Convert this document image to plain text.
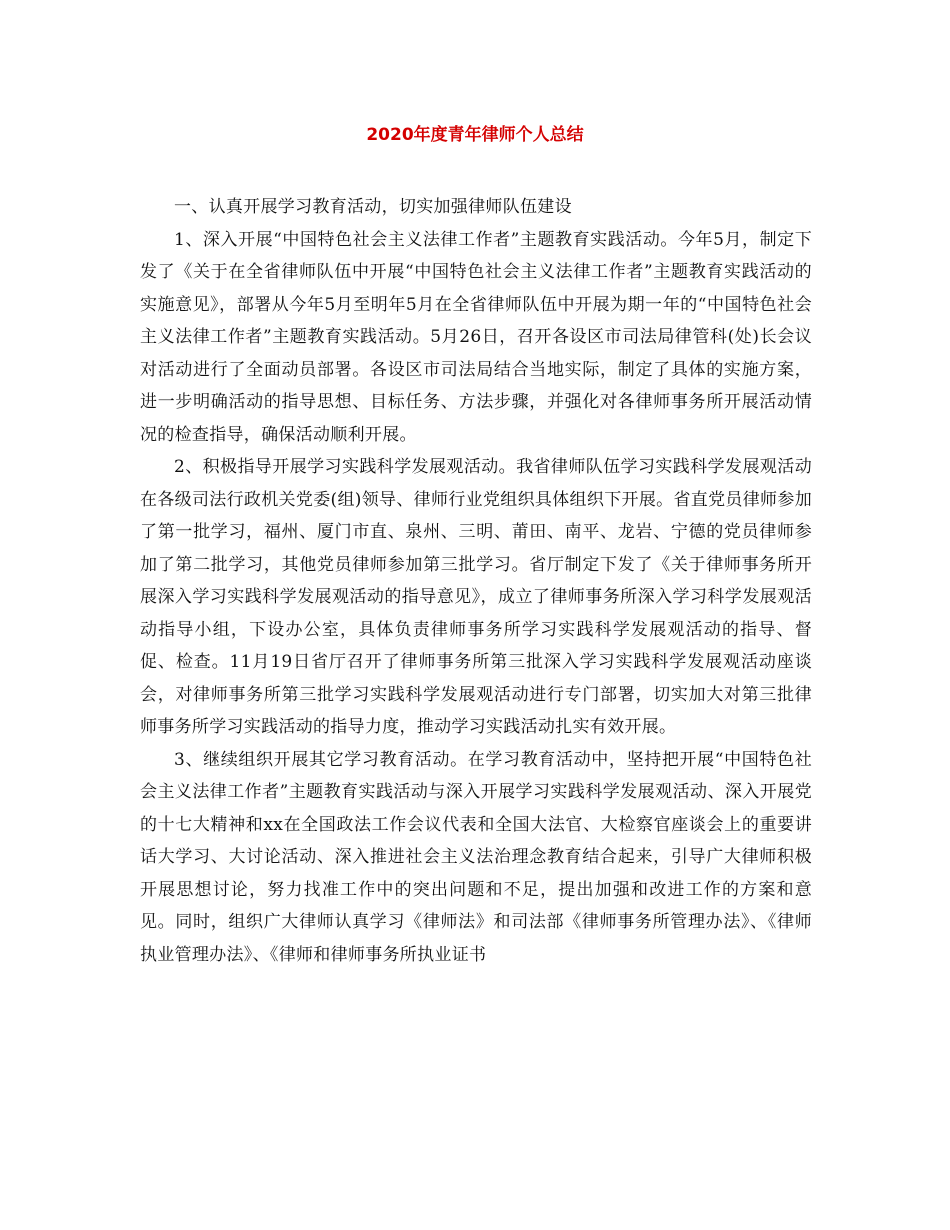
2020年度青年律师个人总结

一、认真开展学习教育活动，切实加强律师队伍建设

1、深入开展“中国特色社会主义法律工作者”主题教育实践活动。今年5月，制定下发了《关于在全省律师队伍中开展“中国特色社会主义法律工作者”主题教育实践活动的实施意见》，部署从今年5月至明年5月在全省律师队伍中开展为期一年的“中国特色社会主义法律工作者”主题教育实践活动。5月26日，召开各设区市司法局律管科(处)长会议对活动进行了全面动员部署。各设区市司法局结合当地实际，制定了具体的实施方案，进一步明确活动的指导思想、目标任务、方法步骤，并强化对各律师事务所开展活动情况的检查指导，确保活动顺利开展。

2、积极指导开展学习实践科学发展观活动。我省律师队伍学习实践科学发展观活动在各级司法行政机关党委(组)领导、律师行业党组织具体组织下开展。省直党员律师参加了第一批学习，福州、厦门市直、泉州、三明、莆田、南平、龙岩、宁德的党员律师参加了第二批学习，其他党员律师参加第三批学习。省厅制定下发了《关于律师事务所开展深入学习实践科学发展观活动的指导意见》，成立了律师事务所深入学习科学发展观活动指导小组，下设办公室，具体负责律师事务所学习实践科学发展观活动的指导、督促、检查。11月19日省厅召开了律师事务所第三批深入学习实践科学发展观活动座谈会，对律师事务所第三批学习实践科学发展观活动进行专门部署，切实加大对第三批律师事务所学习实践活动的指导力度，推动学习实践活动扎实有效开展。

3、继续组织开展其它学习教育活动。在学习教育活动中，坚持把开展“中国特色社会主义法律工作者”主题教育实践活动与深入开展学习实践科学发展观活动、深入开展党的十七大精神和xx在全国政法工作会议代表和全国大法官、大检察官座谈会上的重要讲话大学习、大讨论活动、深入推进社会主义法治理念教育结合起来，引导广大律师积极开展思想讨论，努力找准工作中的突出问题和不足，提出加强和改进工作的方案和意见。同时，组织广大律师认真学习《律师法》和司法部《律师事务所管理办法》、《律师执业管理办法》、《律师和律师事务所执业证书
